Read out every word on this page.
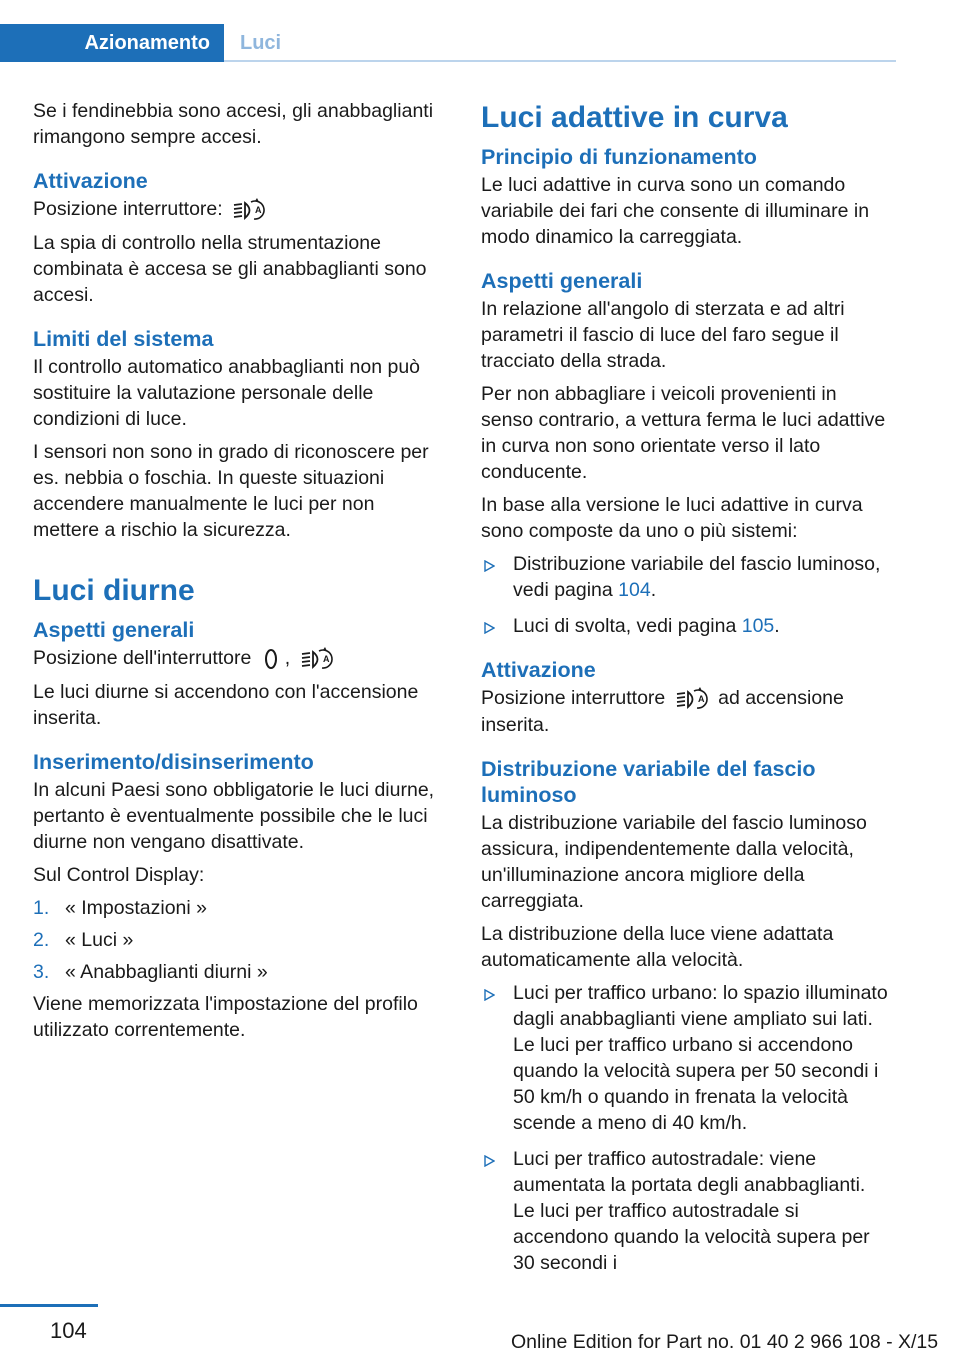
Azionamento	Luci

Se i fendinebbia sono accesi, gli anabbaglianti rimangono sempre accesi.

Attivazione

Posizione interruttore:

La spia di controllo nella strumentazione combinata è accesa se gli anabbaglianti sono accesi.

Limiti del sistema

Il controllo automatico anabbaglianti non può sostituire la valutazione personale delle condizioni di luce.

I sensori non sono in grado di riconoscere per es. nebbia o foschia. In queste situazioni accendere manualmente le luci per non mettere a rischio la sicurezza.

Luci diurne
Aspetti generali

Posizione dell'interruttore ,

Le luci diurne si accendono con l'accensione inserita.

Inserimento/disinserimento

In alcuni Paesi sono obbligatorie le luci diurne, pertanto è eventualmente possibile che le luci diurne non vengano disattivate.

Sul Control Display:

1. « Impostazioni »
2. « Luci »
3. « Anabbaglianti diurni »

Viene memorizzata l'impostazione del profilo utilizzato correntemente.

Luci adattive in curva
Principio di funzionamento

Le luci adattive in curva sono un comando variabile dei fari che consente di illuminare in modo dinamico la carreggiata.

Aspetti generali

In relazione all'angolo di sterzata e ad altri parametri il fascio di luce del faro segue il tracciato della strada.

Per non abbagliare i veicoli provenienti in senso contrario, a vettura ferma le luci adattive in curva non sono orientate verso il lato conducente.

In base alla versione le luci adattive in curva sono composte da uno o più sistemi:

Distribuzione variabile del fascio luminoso, vedi pagina 104.
Luci di svolta, vedi pagina 105.
Attivazione

Posizione interruttore	ad accensione inserita.

Distribuzione variabile del fascio luminoso

La distribuzione variabile del fascio luminoso assicura, indipendentemente dalla velocità, un'illuminazione ancora migliore della carreggiata.

La distribuzione della luce viene adattata automaticamente alla velocità.

Luci per traffico urbano: lo spazio illuminato dagli anabbaglianti viene ampliato sui lati. Le luci per traffico urbano si accendono quando la velocità supera per 50 secondi i 50 km/h o quando in frenata la velocità scende a meno di 40 km/h.
Luci per traffico autostradale: viene aumentata la portata degli anabbaglianti. Le luci per traffico autostradale si accendono quando la velocità supera per 30 secondi i
104	Online Edition for Part no. 01 40 2 966 108 - X/15
